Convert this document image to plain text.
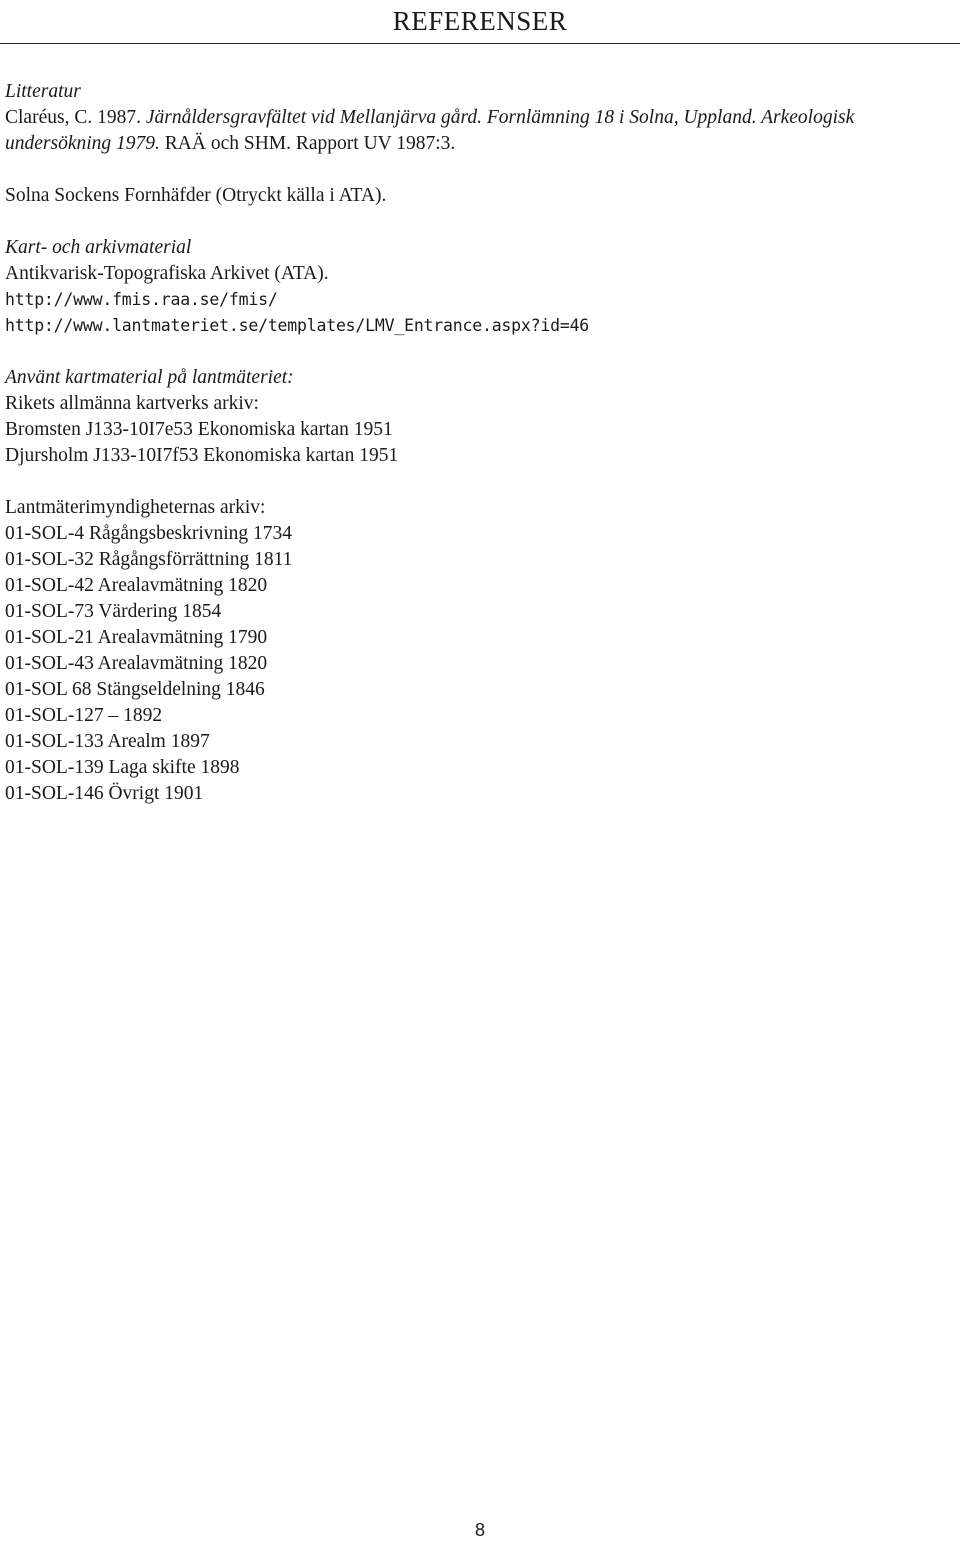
REFERENSER
Litteratur
Claréus, C. 1987. Järnåldersgravfältet vid Mellanjärva gård. Fornlämning 18 i Solna, Uppland. Arkeologisk
undersökning 1979. RAÄ och SHM. Rapport UV 1987:3.
Solna Sockens Fornhäfder (Otryckt källa i ATA).
Kart- och arkivmaterial
Antikvarisk-Topografiska Arkivet (ATA).
http://www.fmis.raa.se/fmis/
http://www.lantmateriet.se/templates/LMV_Entrance.aspx?id=46
Använt kartmaterial på lantmäteriet:
Rikets allmänna kartverks arkiv:
Bromsten J133-10I7e53 Ekonomiska kartan 1951
Djursholm J133-10I7f53 Ekonomiska kartan 1951
Lantmäterimyndigheternas arkiv:
01-SOL-4 Rågångsbeskrivning 1734
01-SOL-32 Rågångsförrättning 1811
01-SOL-42 Arealavmätning 1820
01-SOL-73 Värdering 1854
01-SOL-21 Arealavmätning 1790
01-SOL-43 Arealavmätning 1820
01-SOL 68 Stängseldelning 1846
01-SOL-127 – 1892
01-SOL-133 Arealm 1897
01-SOL-139 Laga skifte 1898
01-SOL-146 Övrigt 1901
8
